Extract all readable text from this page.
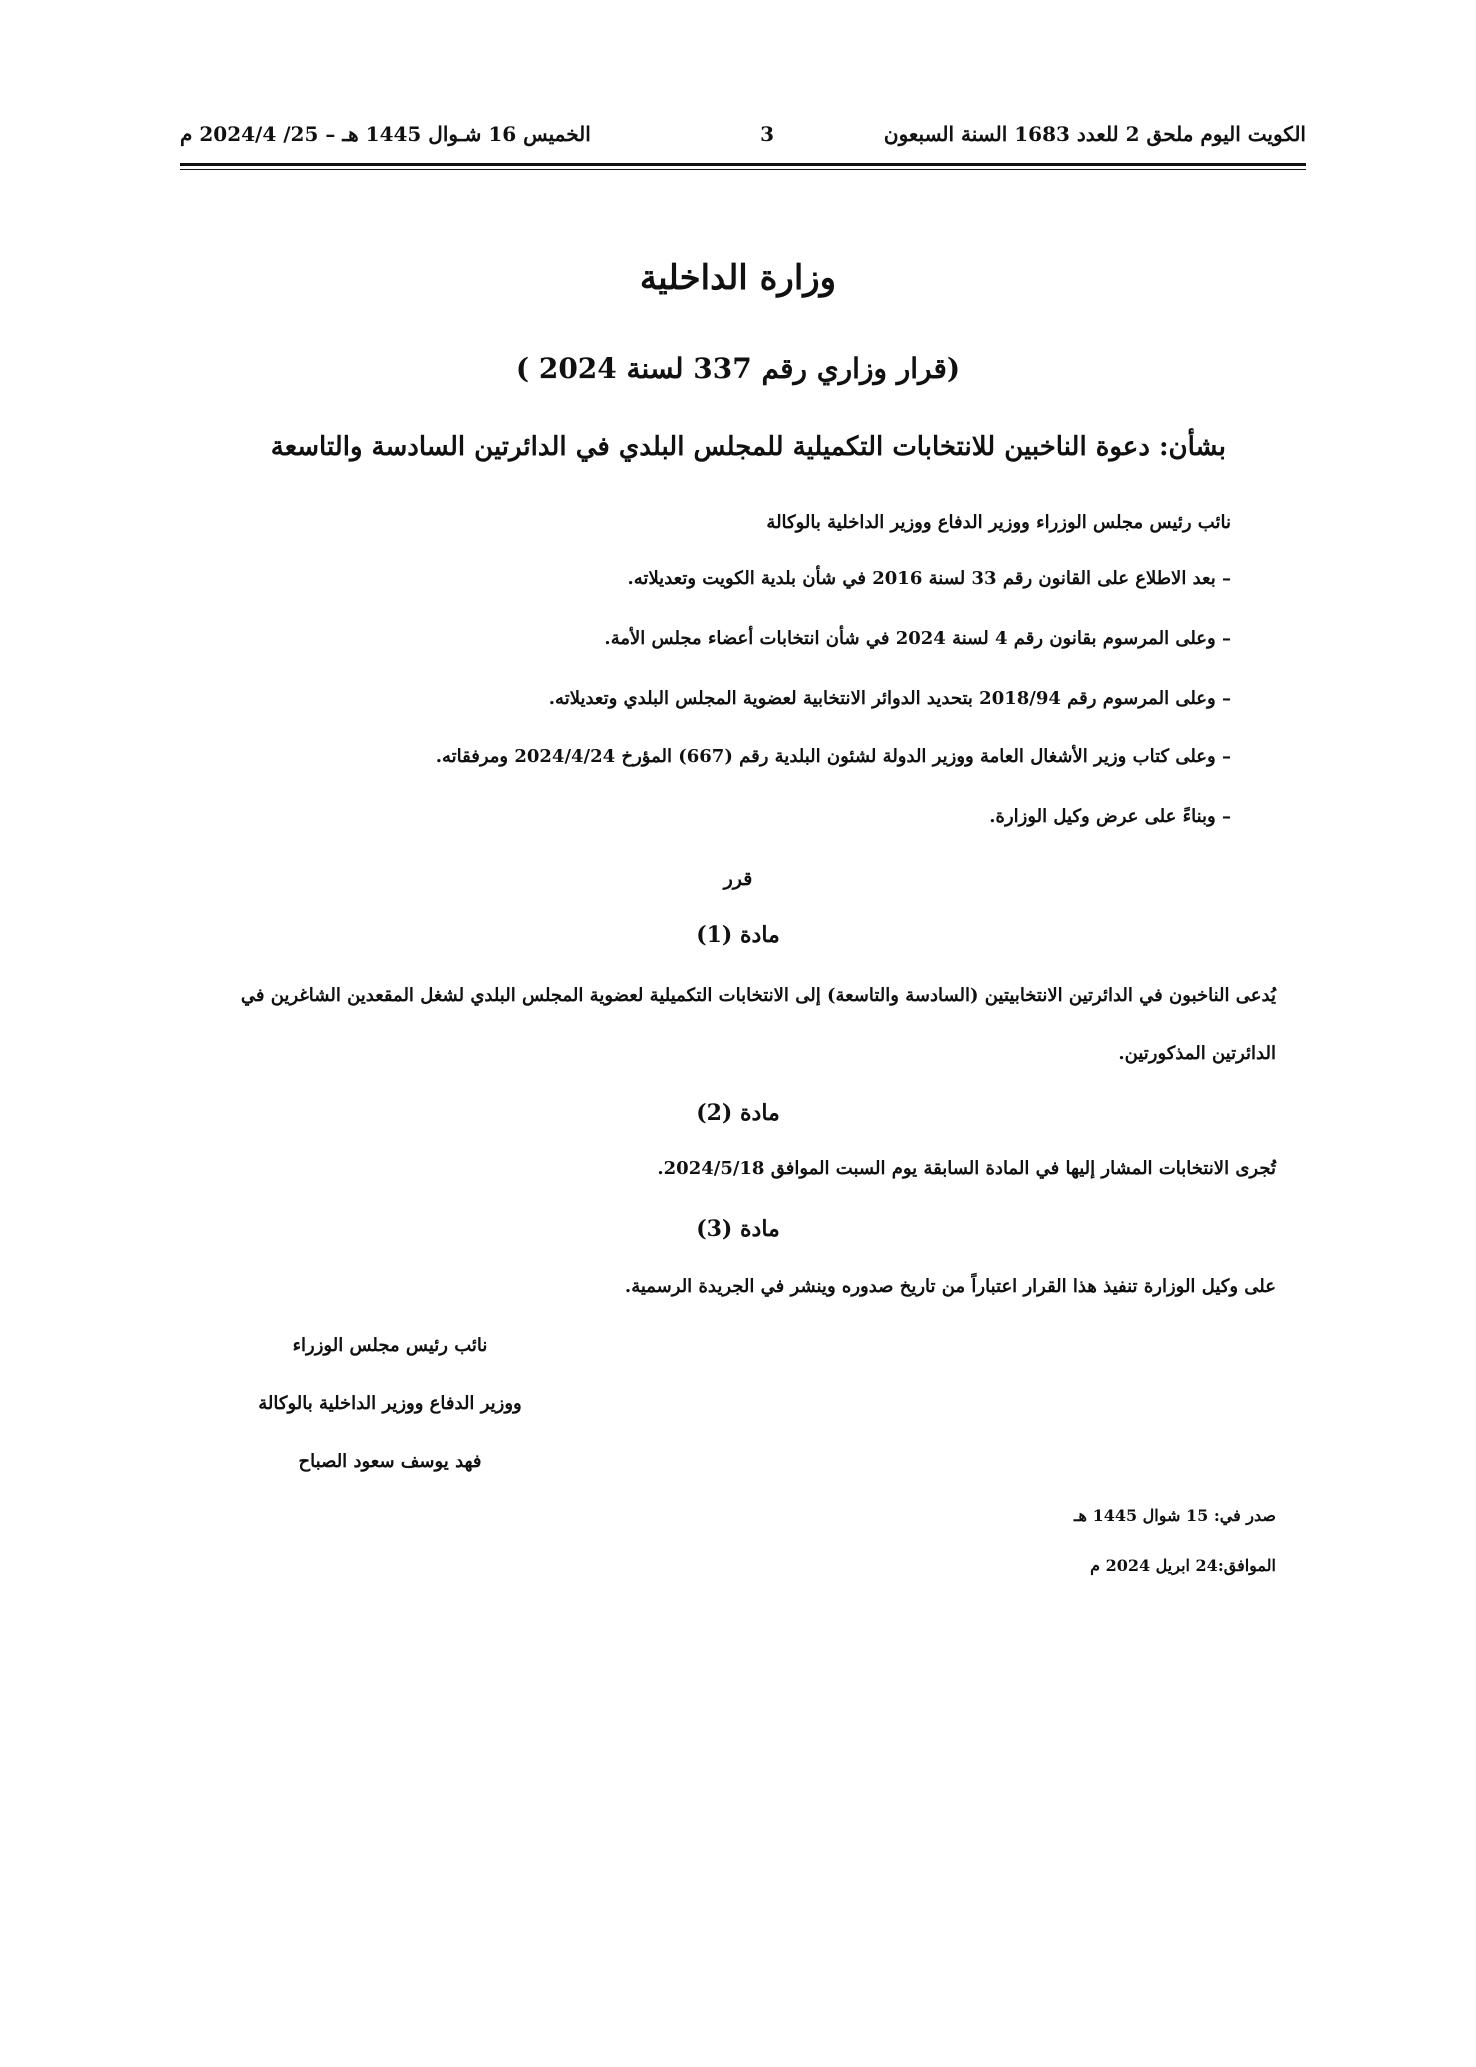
الكويت اليوم ملحق 2 للعدد 1683 السنة السبعون
3
الخميس 16 شـوال 1445 هـ – 25/ 2024/4 م
وزارة الداخلية
(قرار وزاري رقم 337 لسنة 2024 )
بشأن: دعوة الناخبين للانتخابات التكميلية للمجلس البلدي في الدائرتين السادسة والتاسعة
نائب رئيس مجلس الوزراء ووزير الدفاع ووزير الداخلية بالوكالة
– بعد الاطلاع على القانون رقم 33 لسنة 2016 في شأن بلدية الكويت وتعديلاته.
– وعلى المرسوم بقانون رقم 4 لسنة 2024 في شأن انتخابات أعضاء مجلس الأمة.
– وعلى المرسوم رقم 2018/94 بتحديد الدوائر الانتخابية لعضوية المجلس البلدي وتعديلاته.
– وعلى كتاب وزير الأشغال العامة ووزير الدولة لشئون البلدية رقم (667) المؤرخ 2024/4/24 ومرفقاته.
– وبناءً على عرض وكيل الوزارة.
قرر
مادة (1)
يُدعى الناخبون في الدائرتين الانتخابيتين (السادسة والتاسعة) إلى الانتخابات التكميلية لعضوية المجلس البلدي لشغل المقعدين الشاغرين في
الدائرتين المذكورتين.
مادة (2)
تُجرى الانتخابات المشار إليها في المادة السابقة يوم السبت الموافق 2024/5/18.
مادة (3)
على وكيل الوزارة تنفيذ هذا القرار اعتباراً من تاريخ صدوره وينشر في الجريدة الرسمية.
نائب رئيس مجلس الوزراء
ووزير الدفاع ووزير الداخلية بالوكالة
فهد يوسف سعود الصباح
صدر في: 15 شوال 1445 هـ
الموافق:24 ابريل 2024 م
